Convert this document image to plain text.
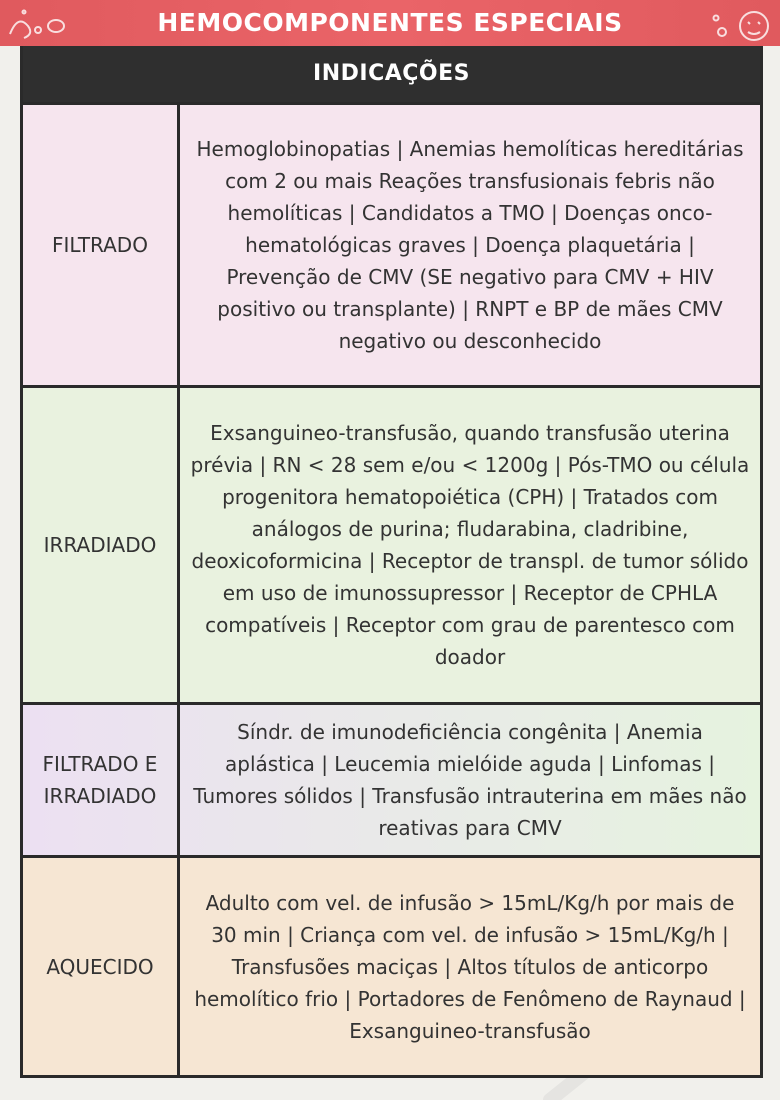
HEMOCOMPONENTES ESPECIAIS
INDICAÇÕES
FILTRADO
Hemoglobinopatias | Anemias hemolíticas hereditárias com 2 ou mais Reações transfusionais febris não hemolíticas | Candidatos a TMO | Doenças onco-hematológicas graves | Doença plaquetária | Prevenção de CMV (SE negativo para CMV + HIV positivo ou transplante) | RNPT e BP de mães CMV negativo ou desconhecido
IRRADIADO
Exsanguineo-transfusão, quando transfusão uterina prévia | RN < 28 sem e/ou < 1200g | Pós-TMO ou célula progenitora hematopoiética (CPH) | Tratados com análogos de purina; fludarabina, cladribine, deoxicoformicina | Receptor de transpl. de tumor sólido em uso de imunossupressor | Receptor de CPHLA compatíveis | Receptor com grau de parentesco com doador
FILTRADO E IRRADIADO
Síndr. de imunodeficiência congênita | Anemia aplástica | Leucemia mielóide aguda | Linfomas | Tumores sólidos | Transfusão intrauterina em mães não reativas para CMV
AQUECIDO
Adulto com vel. de infusão > 15mL/Kg/h por mais de 30 min | Criança com vel. de infusão > 15mL/Kg/h | Transfusões maciças | Altos títulos de anticorpo hemolítico frio | Portadores de Fenômeno de Raynaud | Exsanguineo-transfusão
